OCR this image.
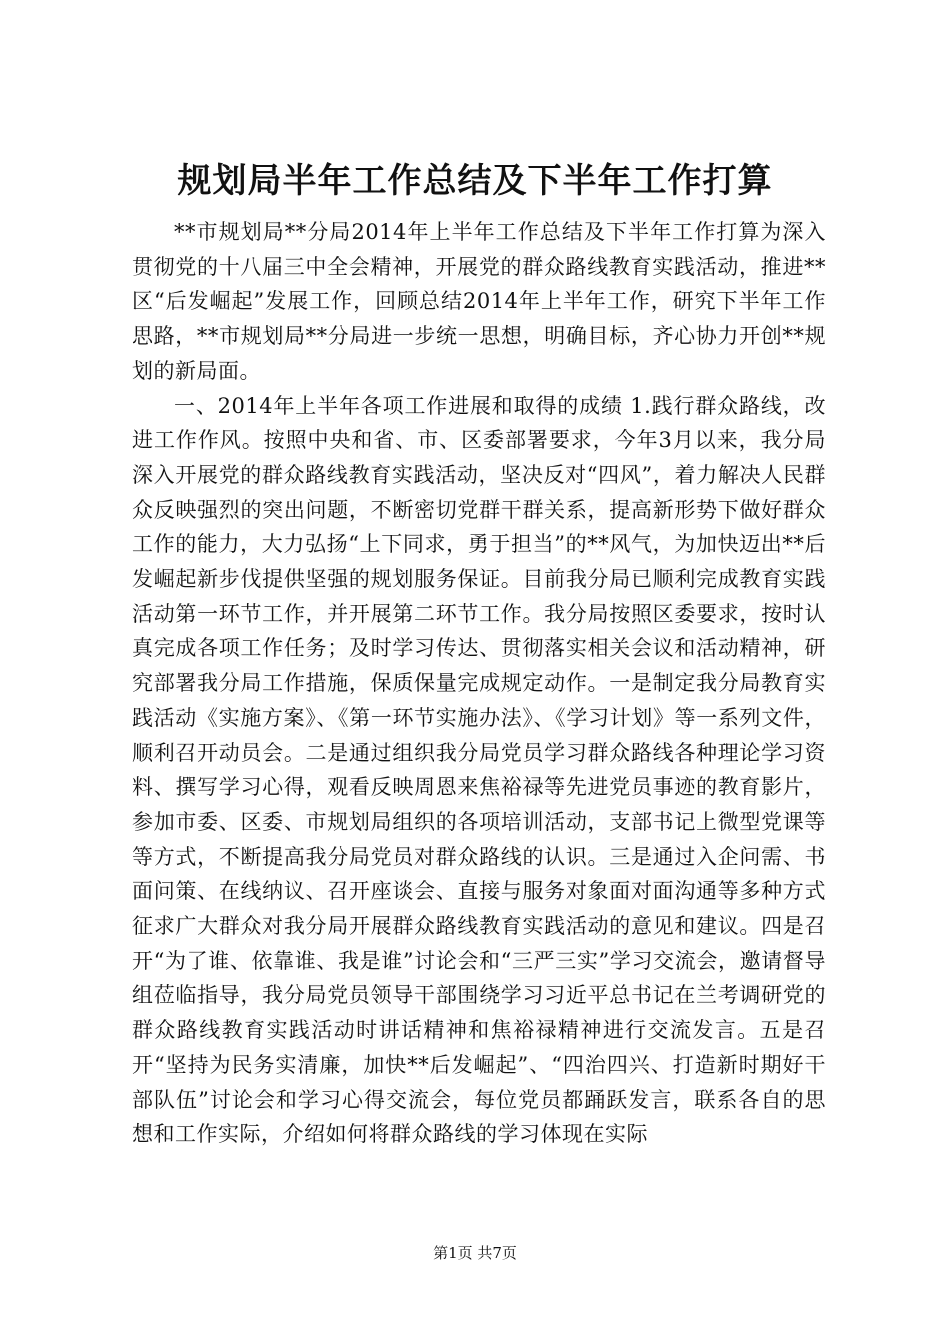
规划局半年工作总结及下半年工作打算

**市规划局**分局2014年上半年工作总结及下半年工作打算为深入贯彻党的十八届三中全会精神，开展党的群众路线教育实践活动，推进**区“后发崛起”发展工作，回顾总结2014年上半年工作，研究下半年工作思路，**市规划局**分局进一步统一思想，明确目标，齐心协力开创**规划的新局面。

一、2014年上半年各项工作进展和取得的成绩 1.践行群众路线，改进工作作风。按照中央和省、市、区委部署要求，今年3月以来，我分局深入开展党的群众路线教育实践活动，坚决反对“四风”，着力解决人民群众反映强烈的突出问题，不断密切党群干群关系，提高新形势下做好群众工作的能力，大力弘扬“上下同求，勇于担当”的**风气，为加快迈出**后发崛起新步伐提供坚强的规划服务保证。目前我分局已顺利完成教育实践活动第一环节工作，并开展第二环节工作。我分局按照区委要求，按时认真完成各项工作任务；及时学习传达、贯彻落实相关会议和活动精神，研究部署我分局工作措施，保质保量完成规定动作。一是制定我分局教育实践活动《实施方案》、《第一环节实施办法》、《学习计划》等一系列文件，顺利召开动员会。二是通过组织我分局党员学习群众路线各种理论学习资料、撰写学习心得，观看反映周恩来焦裕禄等先进党员事迹的教育影片，参加市委、区委、市规划局组织的各项培训活动，支部书记上微型党课等等方式，不断提高我分局党员对群众路线的认识。三是通过入企问需、书面问策、在线纳议、召开座谈会、直接与服务对象面对面沟通等多种方式征求广大群众对我分局开展群众路线教育实践活动的意见和建议。四是召开“为了谁、依靠谁、我是谁”讨论会和“三严三实”学习交流会，邀请督导组莅临指导，我分局党员领导干部围绕学习习近平总书记在兰考调研党的群众路线教育实践活动时讲话精神和焦裕禄精神进行交流发言。五是召开“坚持为民务实清廉，加快**后发崛起”、“四治四兴、打造新时期好干部队伍”讨论会和学习心得交流会，每位党员都踊跃发言，联系各自的思想和工作实际，介绍如何将群众路线的学习体现在实际

第1页 共7页
